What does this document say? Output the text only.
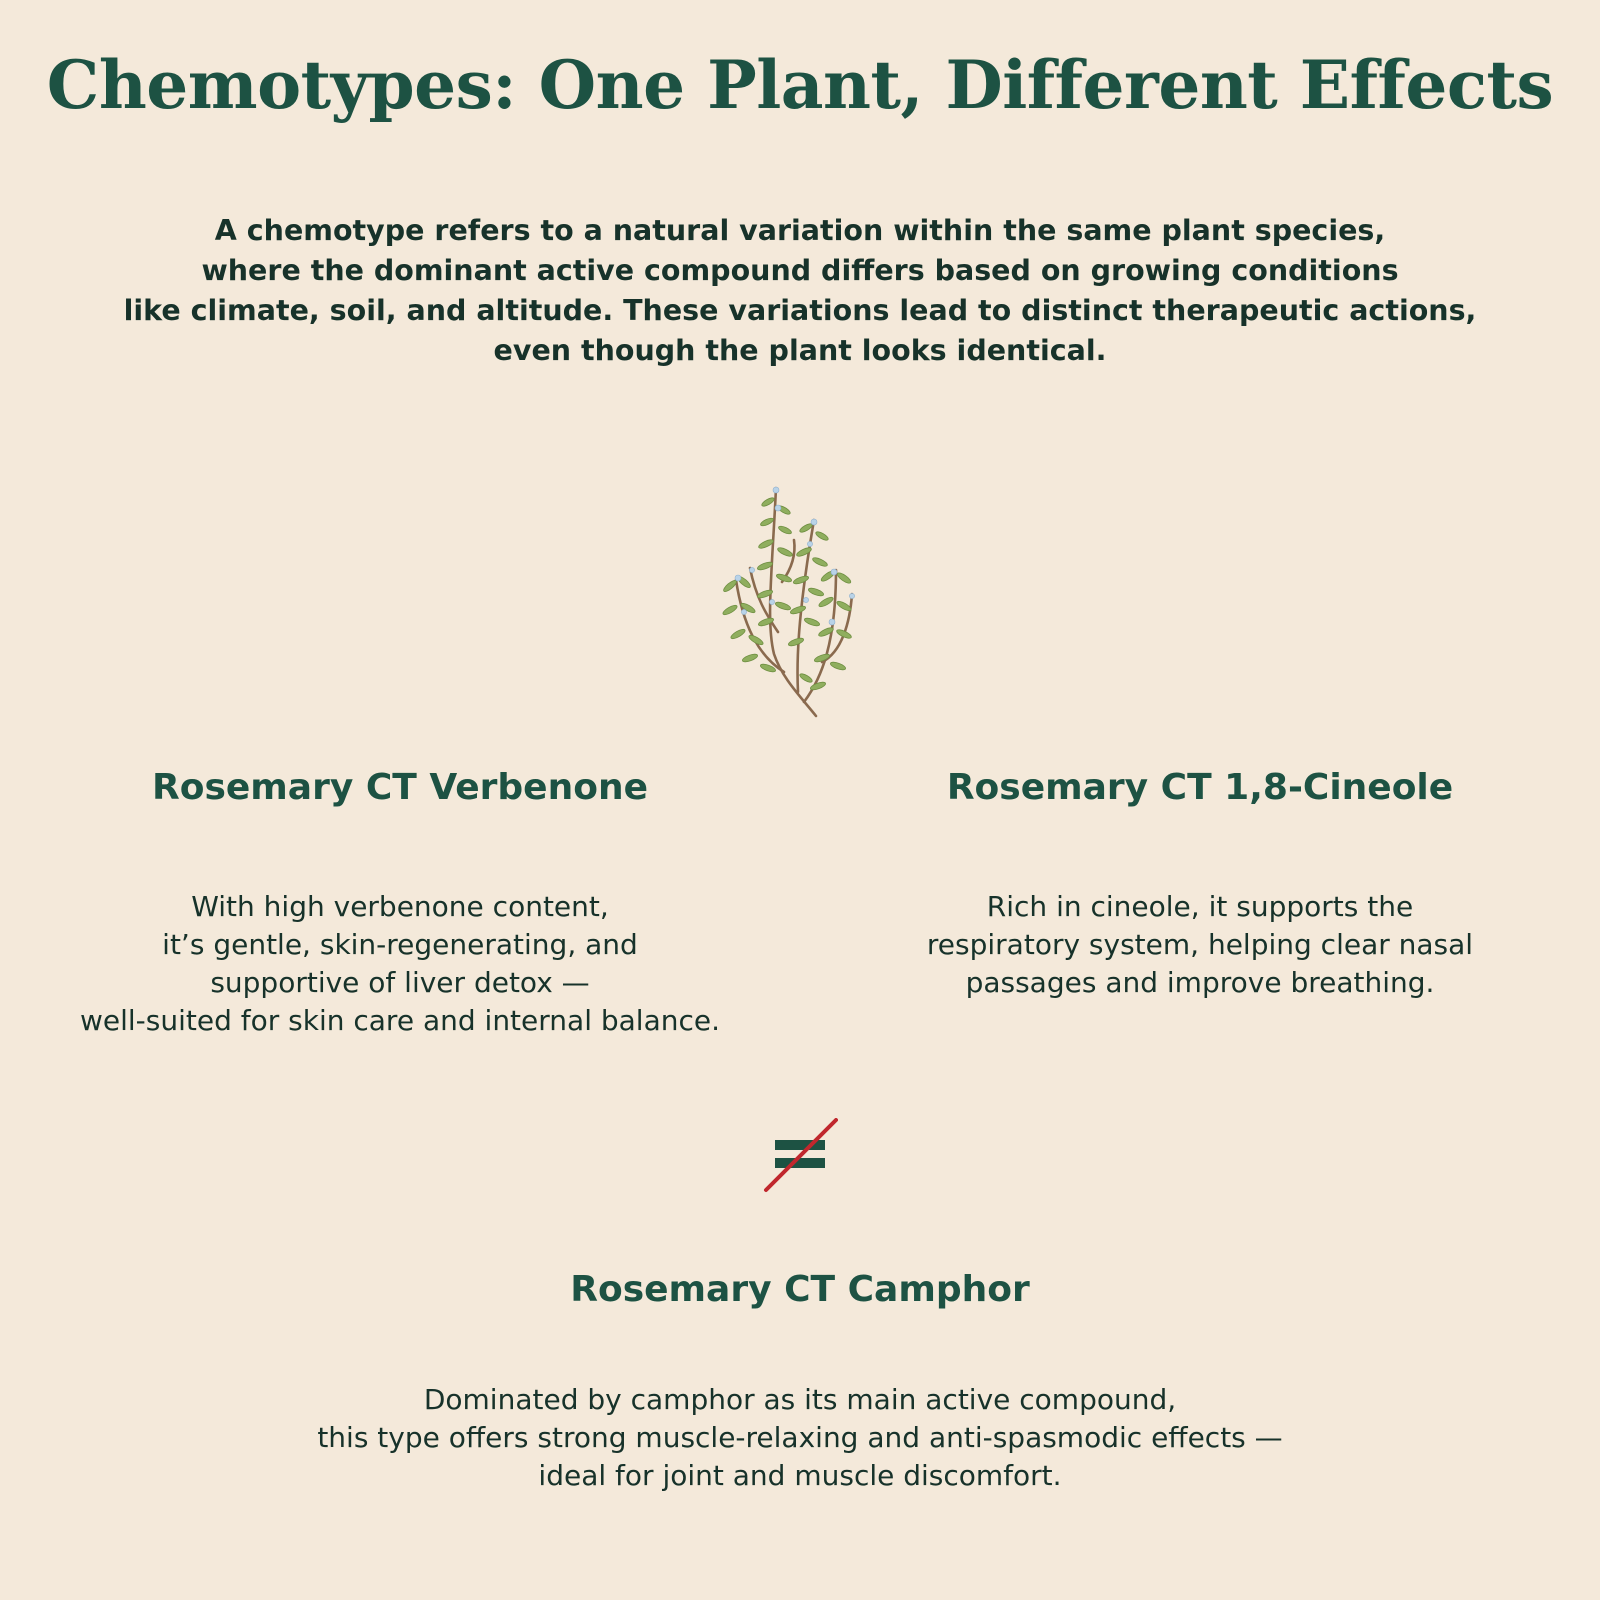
Chemotypes: One Plant, Different Effects
A chemotype refers to a natural variation within the same plant species,
where the dominant active compound differs based on growing conditions
like climate, soil, and altitude. These variations lead to distinct therapeutic actions,
even though the plant looks identical.
Rosemary CT Verbenone
With high verbenone content,
it’s gentle, skin-regenerating, and
supportive of liver detox —
well-suited for skin care and internal balance.
Rosemary CT 1,8-Cineole
Rich in cineole, it supports the
respiratory system, helping clear nasal
passages and improve breathing.
Rosemary CT Camphor
Dominated by camphor as its main active compound,
this type offers strong muscle-relaxing and anti-spasmodic effects —
ideal for joint and muscle discomfort.
